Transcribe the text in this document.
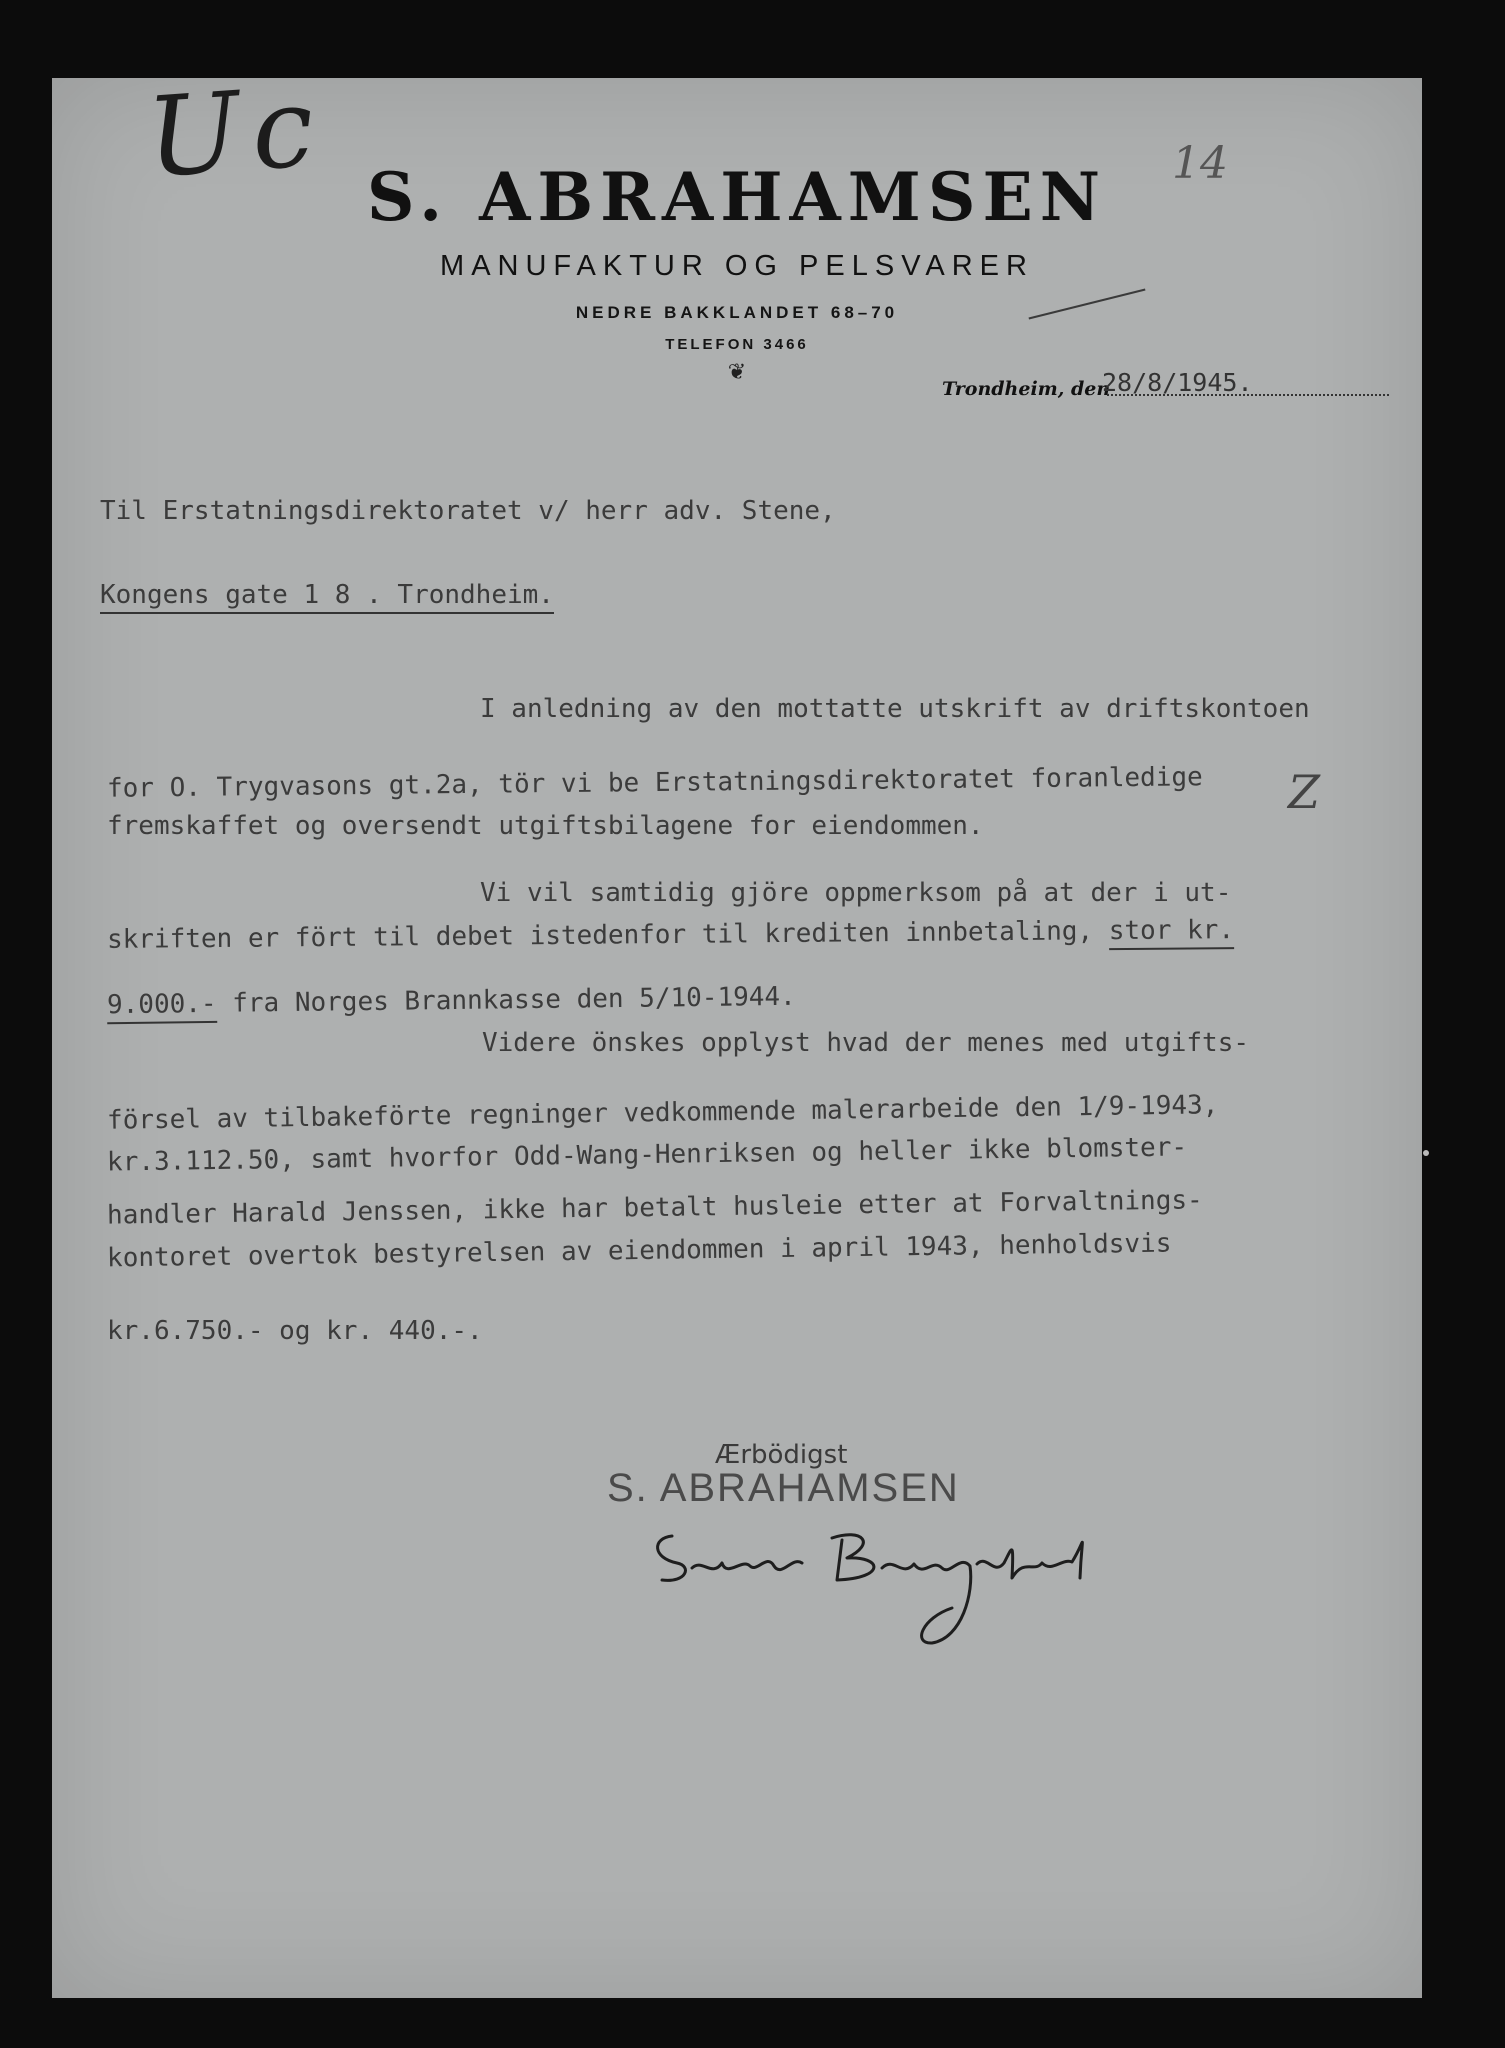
Uc	14
S. ABRAHAMSEN
MANUFAKTUR OG PELSVARER
NEDRE BAKKLANDET 68–70
TELEFON 3466
❦
Trondheim, den
28/8/1945.
Til Erstatningsdirektoratet v/ herr adv. Stene,
Kongens gate 1 8 . Trondheim.
I anledning av den mottatte utskrift av driftskontoen
for O. Trygvasons gt.2a, tör vi be Erstatningsdirektoratet foranledige
fremskaffet og oversendt utgiftsbilagene for eiendommen.
Vi vil samtidig gjöre oppmerksom på at der i ut-
skriften er fört til debet istedenfor til krediten innbetaling, stor kr.
9.000.- fra Norges Brannkasse den 5/10-1944.
Videre önskes opplyst hvad der menes med utgifts-
försel av tilbakeförte regninger vedkommende malerarbeide den 1/9-1943,
kr.3.112.50, samt hvorfor Odd-Wang-Henriksen og heller ikke blomster-
handler Harald Jenssen, ikke har betalt husleie etter at Forvaltnings-
kontoret overtok bestyrelsen av eiendommen i april 1943, henholdsvis
kr.6.750.- og kr. 440.-.
Z
Ærbödigst
S. ABRAHAMSEN
